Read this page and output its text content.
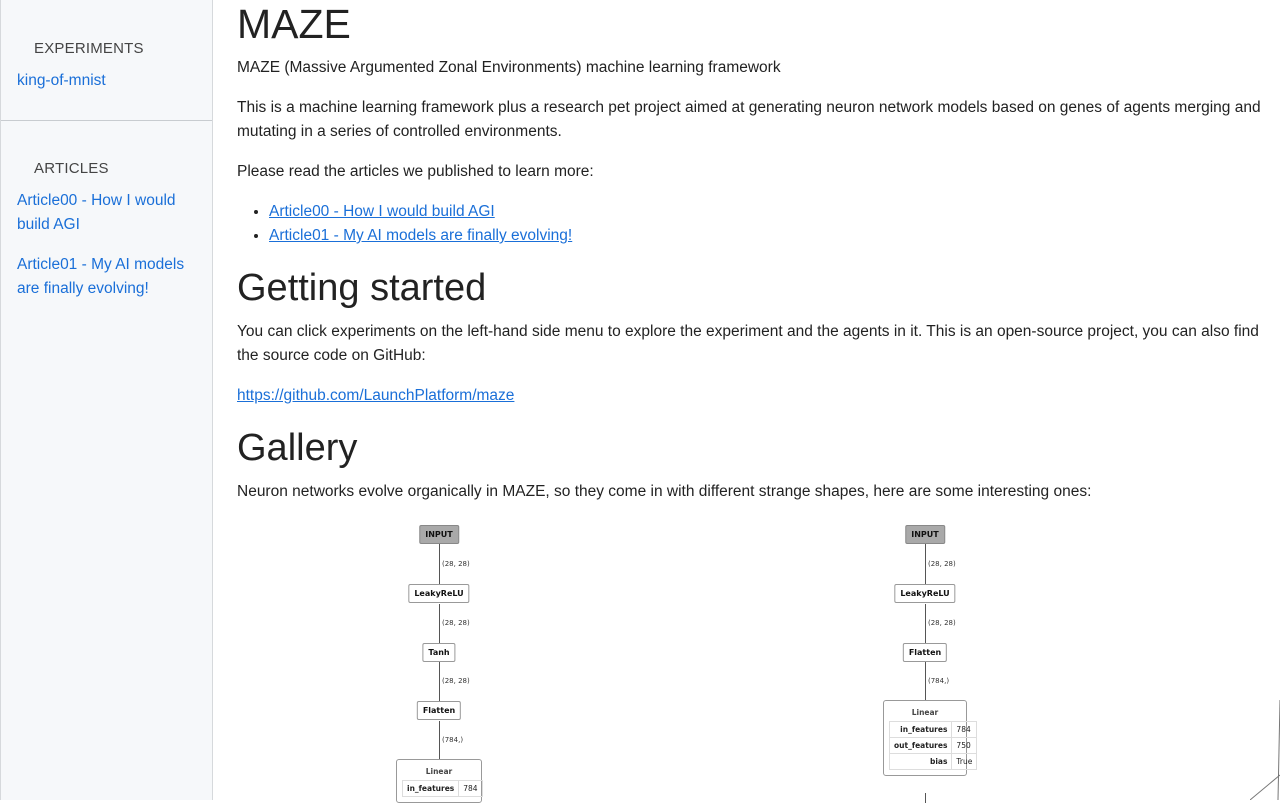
EXPERIMENTS
king-of-mnist
ARTICLES
Article00 - How I would build AGI
Article01 - My AI models are finally evolving!
MAZE

MAZE (Massive Argumented Zonal Environments) machine learning framework

This is a machine learning framework plus a research pet project aimed at generating neuron network models based on genes of agents merging and mutating in a series of controlled environments.

Please read the articles we published to learn more:

• Article00 - How I would build AGI
• Article01 - My AI models are finally evolving!
Getting started

You can click experiments on the left-hand side menu to explore the experiment and the agents in it. This is an open-source project, you can also find the source code on GitHub:

https://github.com/LaunchPlatform/maze

Gallery

Neuron networks evolve organically in MAZE, so they come in with different strange shapes, here are some interesting ones:

INPUT
(28, 28)
LeakyReLU
(28, 28)
Tanh
(28, 28)
Flatten
(784,)
Linear
in_features	784
INPUT
(28, 28)
LeakyReLU
(28, 28)
Flatten
(784,)
Linear
in_features	784
out_features	750
bias	True
